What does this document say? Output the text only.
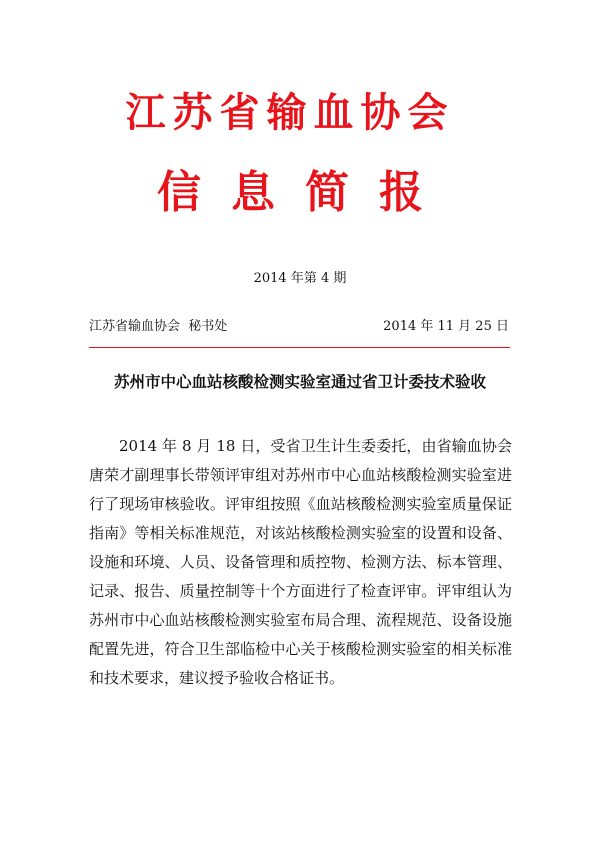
江苏省输血协会
信息简报
2014 年第 4 期
江苏省输血协会  秘书处	2014 年 11 月 25 日
苏州市中心血站核酸检测实验室通过省卫计委技术验收

2014 年 8 月 18 日，受省卫生计生委委托，由省输血协会唐荣才副理事长带领评审组对苏州市中心血站核酸检测实验室进行了现场审核验收。评审组按照《血站核酸检测实验室质量保证指南》等相关标准规范，对该站核酸检测实验室的设置和设备、设施和环境、人员、设备管理和质控物、检测方法、标本管理、记录、报告、质量控制等十个方面进行了检查评审。评审组认为苏州市中心血站核酸检测实验室布局合理、流程规范、设备设施配置先进，符合卫生部临检中心关于核酸检测实验室的相关标准和技术要求，建议授予验收合格证书。
